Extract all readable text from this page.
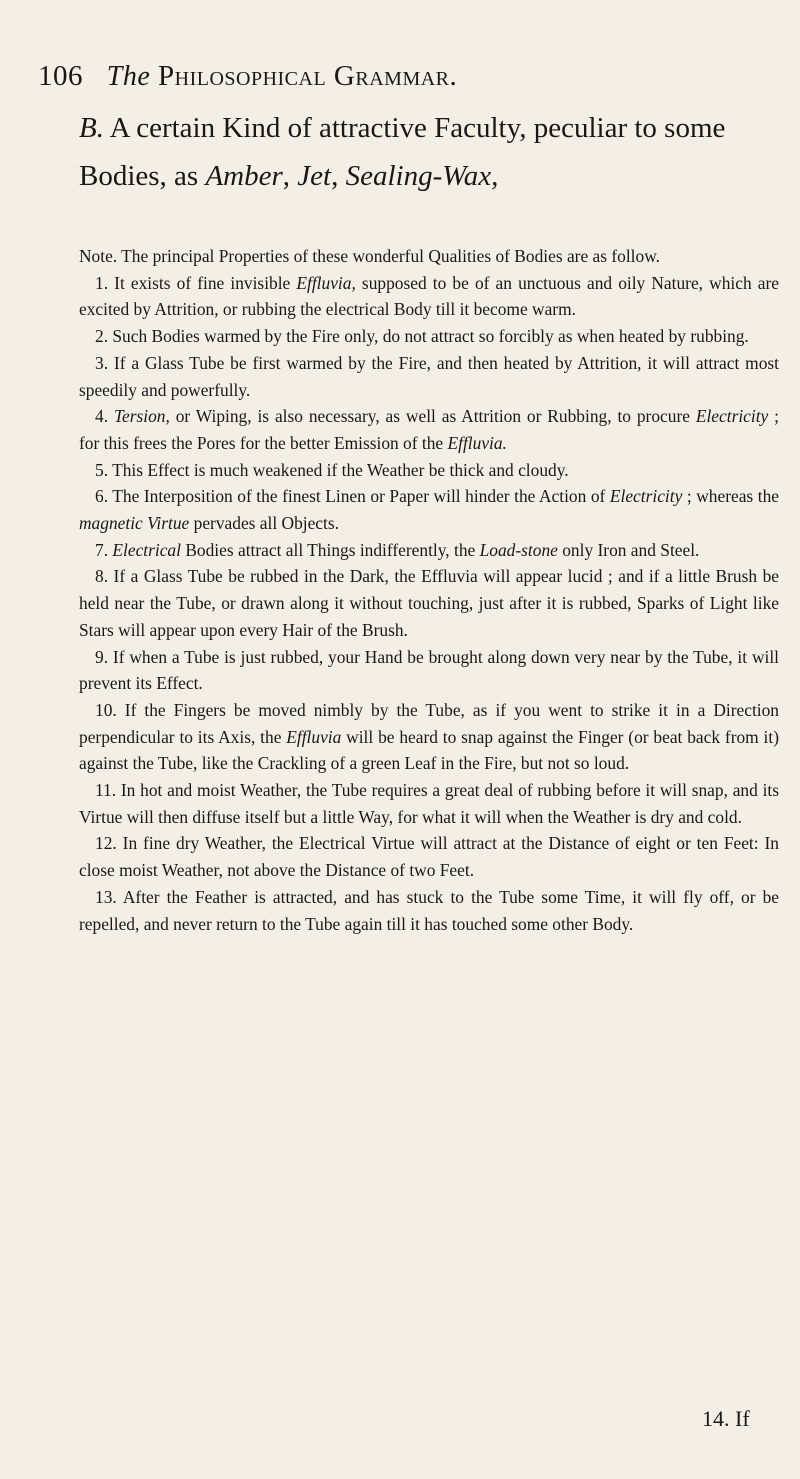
106 The Philosophical Grammar.
B. A certain Kind of attractive Faculty, peculiar to some Bodies, as Amber, Jet, Sealing-Wax,

Note. The principal Properties of these wonderful Qualities of Bodies are as follow.

1. It exists of fine invisible Effluvia, supposed to be of an unctuous and oily Nature, which are excited by Attrition, or rubbing the electrical Body till it become warm.

2. Such Bodies warmed by the Fire only, do not attract so forcibly as when heated by rubbing.

3. If a Glass Tube be first warmed by the Fire, and then heated by Attrition, it will attract most speedily and powerfully.

4. Tersion, or Wiping, is also necessary, as well as Attrition or Rubbing, to procure Electricity ; for this frees the Pores for the better Emission of the Effluvia.

5. This Effect is much weakened if the Weather be thick and cloudy.

6. The Interposition of the finest Linen or Paper will hinder the Action of Electricity ; whereas the magnetic Virtue pervades all Objects.

7. Electrical Bodies attract all Things indifferently, the Load-stone only Iron and Steel.

8. If a Glass Tube be rubbed in the Dark, the Effluvia will appear lucid ; and if a little Brush be held near the Tube, or drawn along it without touching, just after it is rubbed, Sparks of Light like Stars will appear upon every Hair of the Brush.

9. If when a Tube is just rubbed, your Hand be brought along down very near by the Tube, it will prevent its Effect.

10. If the Fingers be moved nimbly by the Tube, as if you went to strike it in a Direction perpendicular to its Axis, the Effluvia will be heard to snap against the Finger (or beat back from it) against the Tube, like the Crackling of a green Leaf in the Fire, but not so loud.

11. In hot and moist Weather, the Tube requires a great deal of rubbing before it will snap, and its Virtue will then diffuse itself but a little Way, for what it will when the Weather is dry and cold.

12. In fine dry Weather, the Electrical Virtue will attract at the Distance of eight or ten Feet: In close moist Weather, not above the Distance of two Feet.

13. After the Feather is attracted, and has stuck to the Tube some Time, it will fly off, or be repelled, and never return to the Tube again till it has touched some other Body.

14. If
